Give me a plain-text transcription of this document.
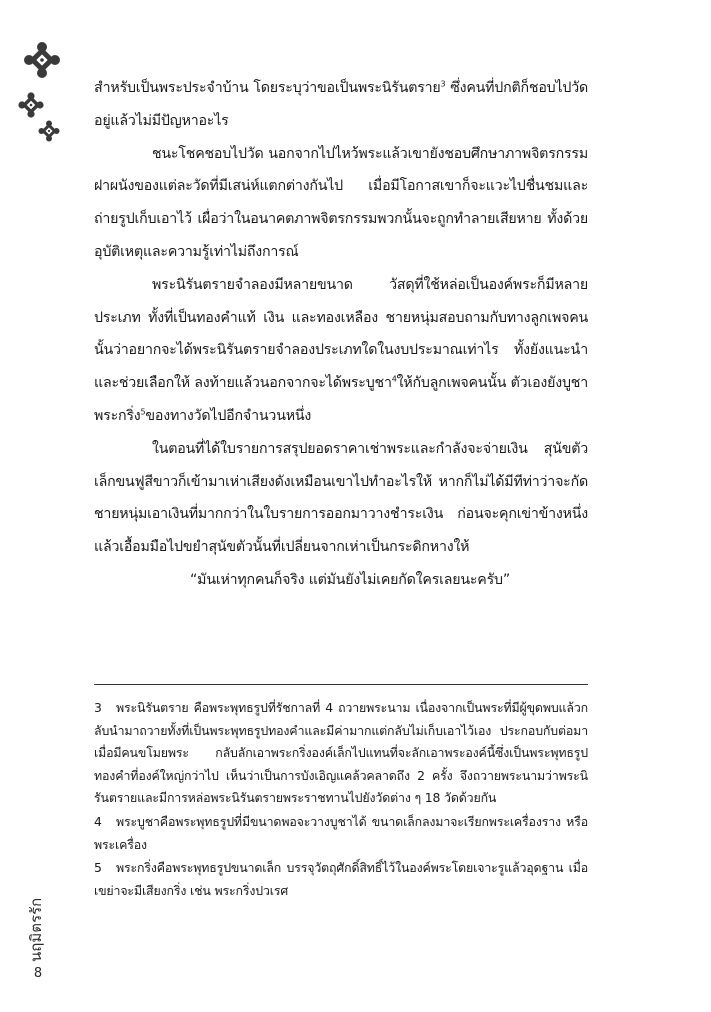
สำหรับเป็นพระประจำบ้าน โดยระบุว่าขอเป็นพระนิรันตราย$^3$ ซึ่งคนที่ปกติก็ชอบไปวัดอยู่แล้วไม่มีปัญหาอะไร

ชนะโชคชอบไปวัด นอกจากไปไหว้พระแล้วเขายังชอบศึกษาภาพจิตรกรรมฝาผนังของแต่ละวัดที่มีเสน่ห์แตกต่างกันไป เมื่อมีโอกาสเขาก็จะแวะไปชื่นชมและถ่ายรูปเก็บเอาไว้ เผื่อว่าในอนาคตภาพจิตรกรรมพวกนั้นจะถูกทำลายเสียหาย ทั้งด้วยอุบัติเหตุและความรู้เท่าไม่ถึงการณ์

พระนิรันตรายจำลองมีหลายขนาด วัสดุที่ใช้หล่อเป็นองค์พระก็มีหลายประเภท ทั้งที่เป็นทองคำแท้ เงิน และทองเหลือง ชายหนุ่มสอบถามกับทางลูกเพจคนนั้นว่าอยากจะได้พระนิรันตรายจำลองประเภทใดในงบประมาณเท่าไร ทั้งยังแนะนำและช่วยเลือกให้ ลงท้ายแล้วนอกจากจะได้พระบูชา$^4$ให้กับลูกเพจคนนั้น ตัวเองยังบูชาพระกริ่ง$^5$ของทางวัดไปอีกจำนวนหนึ่ง

ในตอนที่ได้ใบรายการสรุปยอดราคาเช่าพระและกำลังจะจ่ายเงิน สุนัขตัวเล็กขนฟูสีขาวก็เข้ามาเห่าเสียงดังเหมือนเขาไปทำอะไรให้ หากก็ไม่ได้มีทีท่าว่าจะกัด ชายหนุ่มเอาเงินที่มากกว่าในใบรายการออกมาวางชำระเงิน ก่อนจะคุกเข่าข้างหนึ่งแล้วเอื้อมมือไปขยำสุนัขตัวนั้นที่เปลี่ยนจากเห่าเป็นกระดิกหางให้

“มันเห่าทุกคนก็จริง แต่มันยังไม่เคยกัดใครเลยนะครับ”

3 พระนิรันตราย คือพระพุทธรูปที่รัชกาลที่ 4 ถวายพระนาม เนื่องจากเป็นพระที่มีผู้ขุดพบแล้วกลับนำมาถวายทั้งที่เป็นพระพุทธรูปทองคำและมีค่ามากแต่กลับไม่เก็บเอาไว้เอง ประกอบกับต่อมาเมื่อมีคนขโมยพระ กลับลักเอาพระกริ่งองค์เล็กไปแทนที่จะลักเอาพระองค์นี้ซึ่งเป็นพระพุทธรูปทองคำที่องค์ใหญ่กว่าไป เห็นว่าเป็นการบังเอิญแคล้วคลาดถึง 2 ครั้ง จึงถวายพระนามว่าพระนิรันตรายและมีการหล่อพระนิรันตรายพระราชทานไปยังวัดต่าง ๆ 18 วัดด้วยกัน

4 พระบูชาคือพระพุทธรูปที่มีขนาดพอจะวางบูชาได้ ขนาดเล็กลงมาจะเรียกพระเครื่องราง หรือพระเครื่อง

5 พระกริ่งคือพระพุทธรูปขนาดเล็ก บรรจุวัตถุศักดิ์สิทธิ์ไว้ในองค์พระโดยเจาะรูแล้วอุดฐาน เมื่อเขย่าจะมีเสียงกริ่ง เช่น พระกริ่งปวเรศ

นฤมิตรรัก
8
